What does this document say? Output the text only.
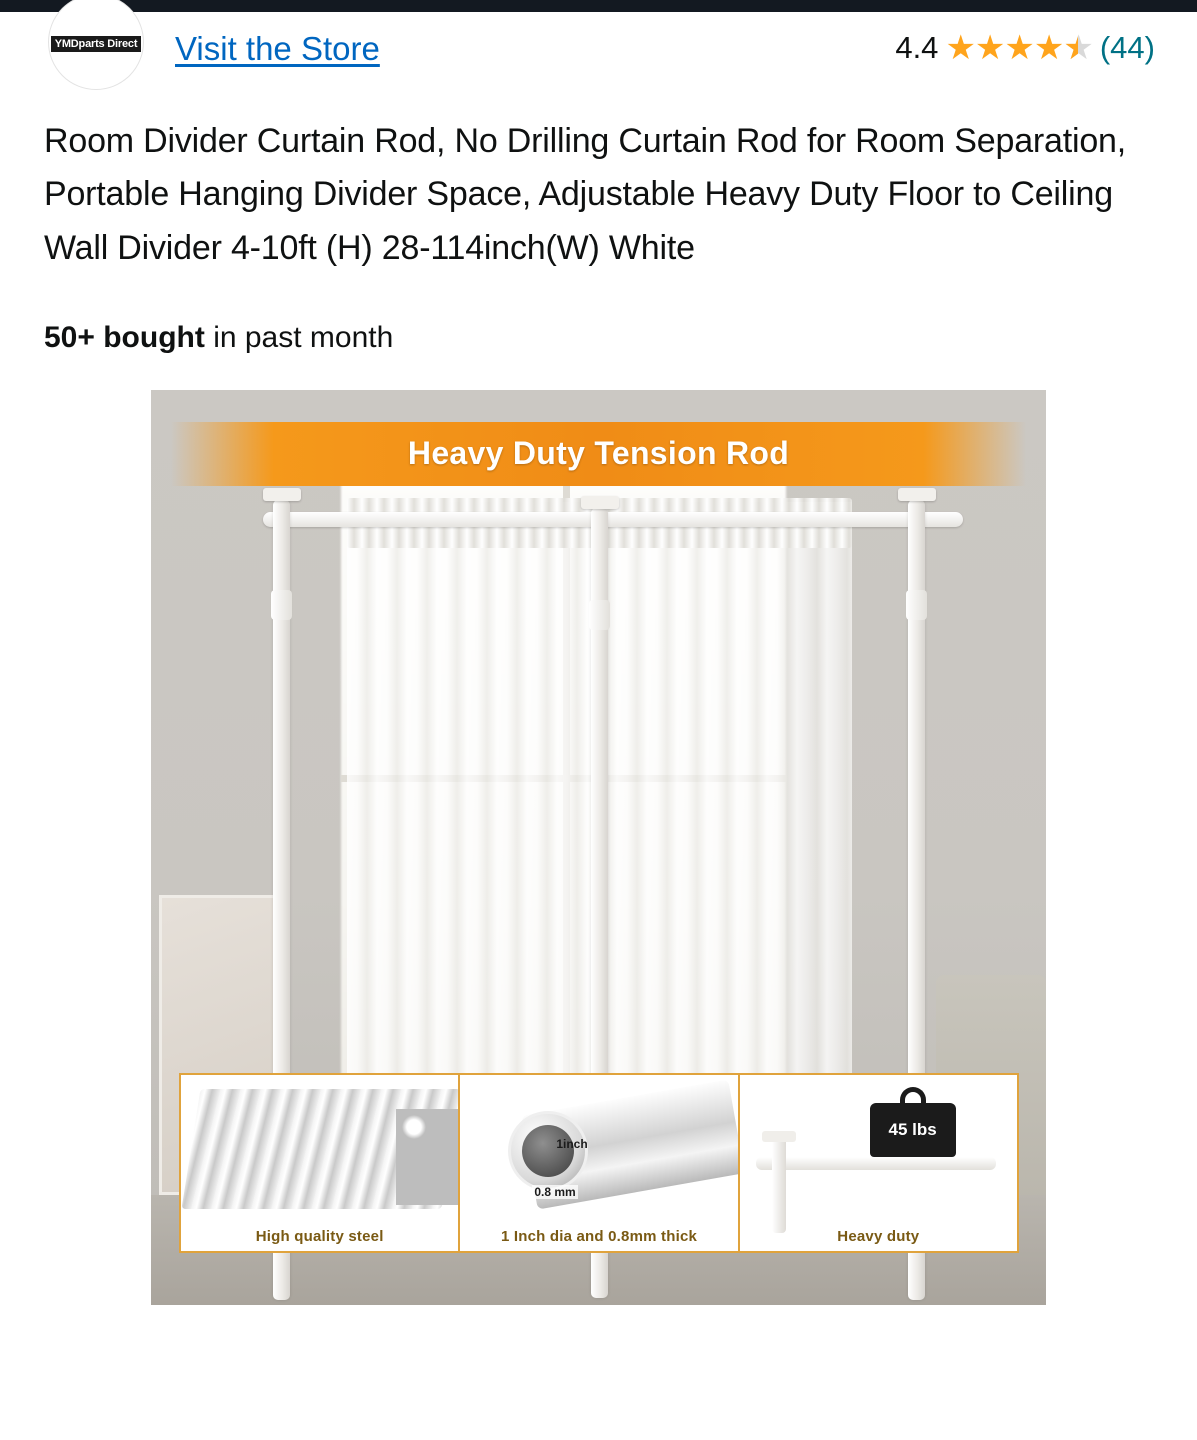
YMDparts Direct Visit the Store	4.4 ★ ★ ★ ★ ★ ★ (44)
Room Divider Curtain Rod, No Drilling Curtain Rod for Room Separation, Portable Hanging Divider Space, Adjustable Heavy Duty Floor to Ceiling Wall Divider 4-10ft (H) 28-114inch(W) White
50+ bought in past month
Heavy Duty Tension Rod
High quality steel
1inch
0.8 mm
1 Inch dia and 0.8mm thick
45 lbs
Heavy duty
